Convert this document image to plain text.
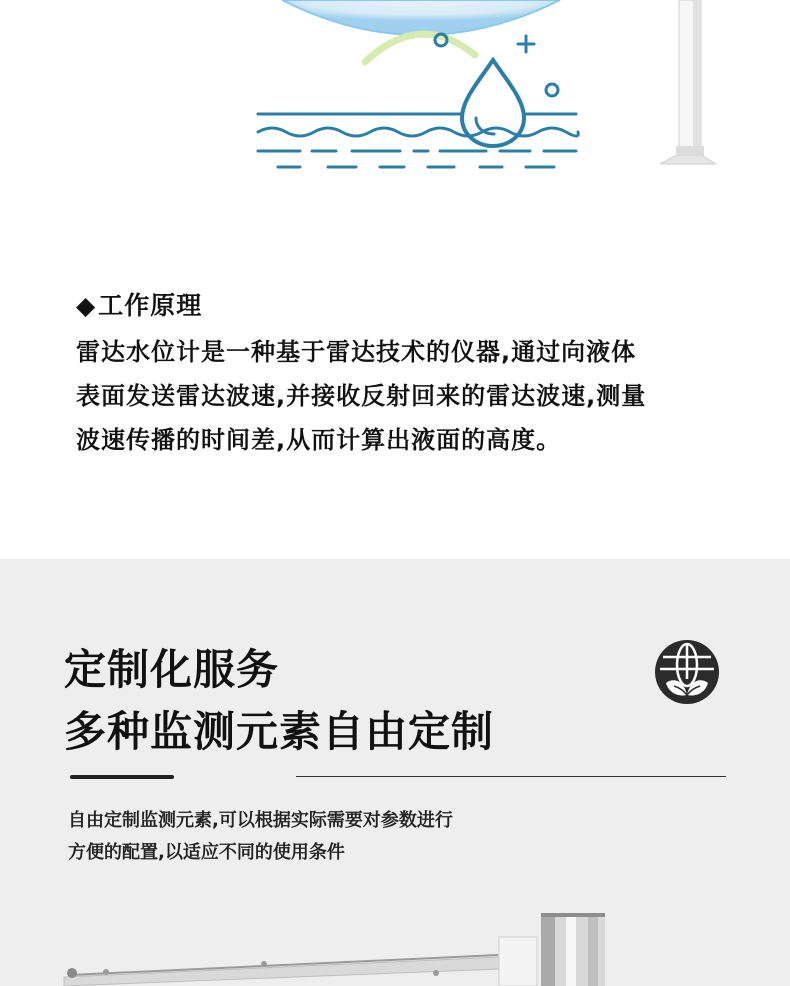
◆工作原理
雷达水位计是一种基于雷达技术的仪器,通过向液体
表面发送雷达波速,并接收反射回来的雷达波速,测量
波速传播的时间差,从而计算出液面的高度。
定制化服务
多种监测元素自由定制
自由定制监测元素,可以根据实际需要对参数进行
方便的配置,以适应不同的使用条件
